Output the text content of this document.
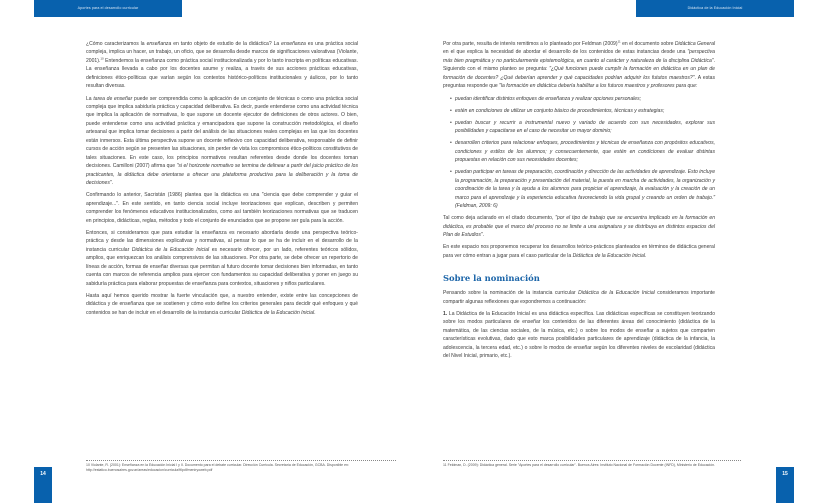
Aportes para el desarrollo curricular

¿Cómo caracterizamos la enseñanza en tanto objeto de estudio de la didáctica? La enseñanza es una práctica social compleja, implica un hacer, un trabajo, un oficio, que se desarrolla desde marcos de significaciones valorativas (Violante, 2001).$^{10}$ Entendemos la enseñanza como práctica social institucionalizada y por lo tanto inscripta en políticas educativas. La enseñanza llevada a cabo por los docentes asume y realiza, a través de sus acciones prácticas educativas, definiciones ético-políticas que varían según los contextos histórico-políticos institucionales y áulicos, por lo tanto resultan diversas.

La tarea de enseñar puede ser comprendida como la aplicación de un conjunto de técnicas o como una práctica social compleja que implica sabiduría práctica y capacidad deliberativa. Es decir, puede entenderse como una actividad técnica que implica la aplicación de normativas, lo que supone un docente ejecutor de definiciones de otros actores. O bien, puede entenderse como una actividad práctica y emancipadora que supone la construcción metodológica, el diseño artesanal que implica tomar decisiones a partir del análisis de las situaciones reales complejas en las que los docentes están inmersos. Esta última perspectiva supone un docente reflexivo con capacidad deliberativa, responsable de definir cursos de acción según se presenten las situaciones, sin perder de vista los compromisos ético-políticos constitutivos de tales situaciones. En este caso, los principios normativos resultan referentes desde donde los docentes toman decisiones. Camilloni (2007) afirma que "si el horizonte normativo se termina de delinear a partir del juicio práctico de los practicantes, la didáctica debe orientarse a ofrecer una plataforma productiva para la deliberación y la toma de decisiones".

Confirmando lo anterior, Sacristán (1986) plantea que la didáctica es una "ciencia que debe comprender y guiar el aprendizaje...". En este sentido, en tanto ciencia social incluye teorizaciones que explican, describen y permiten comprender los fenómenos educativos institucionalizados, como así también teorizaciones normativas que se traducen en principios, didácticas, reglas, métodos y todo el conjunto de enunciados que se propone ser guía para la acción.

Entonces, si consideramos que para estudiar la enseñanza es necesario abordarla desde una perspectiva teórico-práctica y desde las dimensiones explicativas y normativas, al pensar lo que se ha de incluir en el desarrollo de la instancia curricular Didáctica de la Educación Inicial es necesario ofrecer, por un lado, referentes teóricos sólidos, amplios, que enriquezcan los análisis comprensivos de las situaciones. Por otra parte, se debe ofrecer un repertorio de líneas de acción, formas de enseñar diversas que permitan al futuro docente tomar decisiones bien informadas, en tanto cuenta con marcos de referencia amplios para ejercer con fundamentos su capacidad deliberativa y poner en juego su sabiduría práctica para elaborar propuestas de enseñanza para contextos, situaciones y niños particulares.

Hasta aquí hemos querido mostrar la fuerte vinculación que, a nuestro entender, existe entre las concepciones de didáctica y de enseñanza que se sostienen y cómo esto define los criterios generales para decidir qué enfoques y qué contenidos se han de incluir en el desarrollo de la instancia curricular Didáctica de la Educación Inicial.

10 Violante, R. (2001): Enseñanza en la Educación Inicial I y II. Documento para el debate curricular. Dirección Curricula. Secretaría de Educación, GCBA. Disponible en: http://estatico.buenosaires.gov.ar/areas/educacion/curricula/ftlpdf/meniryoweb.pdf
14
Didáctica de la Educación Inicial

Por otra parte, resulta de interés remitimos a lo planteado por Feldman $(2009)^{11}$ en el documento sobre Didáctica General en el que explica la necesidad de abordar el desarrollo de los contenidos de estas instancias desde una "perspectiva más bien pragmática y no particularmente epistemológica, en cuanto al carácter y naturaleza de la disciplina Didáctica". Siguiendo con el mismo planteo se pregunta: "¿Qué funciones puede cumplir la formación en didáctica en un plan de formación de docentes? ¿Qué deberían aprender y qué capacidades podrían adquirir los fututos maestros?". A estas preguntas responde que "la formación en didáctica debería habilitar a los futuros maestros y profesores para que:

• puedan identificar distintos enfoques de enseñanza y realizar opciones personales;
• estén en condiciones de utilizar un conjunto básico de procedimientos, técnicas y estrategias;
• puedan buscar y recurrir a instrumental nuevo y variado de acuerdo con sus necesidades, explorar sus posibilidades y capacitarse en el caso de necesitar un mayor dominio;
• desarrollen criterios para relacionar enfoques, procedimientos y técnicas de enseñanza con propósitos educativos, condiciones y estilos de los alumnos; y consecuentemente, que estén en condiciones de evaluar distintas propuestas en relación con sus necesidades docentes;
• puedan participar en tareas de preparación, coordinación y dirección de las actividades de aprendizaje. Esto incluye la programación, la preparación y presentación del material, la puesta en marcha de actividades, la organización y coordinación de la tarea y la ayuda a los alumnos para propiciar el aprendizaje, la evaluación y la creación de un marco para el aprendizaje y la experiencia educativa favoreciendo la vida grupal y creando un orden de trabajo." (Feldman, 2009: 6)

Tal como deja aclarado en el citado documento, "por el tipo de trabajo que se encuentra implicado en la formación en didáctica, es probable que el marco del proceso no se limite a una asignatura y se distribuya en distintos espacios del Plan de Estudios".

En este espacio nos proponemos recuperar los desarrollos teórico-prácticos planteados en términos de didáctica general para ver cómo entran a jugar para el caso particular de la Didáctica de la Educación Inicial.

Sobre la nominación

Pensando sobre la nominación de la instancia curricular Didáctica de la Educación Inicial consideramos importante compartir algunas reflexiones que expondremos a continuación:

1. La Didáctica de la Educación Inicial es una didáctica específica. Las didácticas específicas se constituyen teorizando sobre los modos particulares de enseñar los contenidos de las diferentes áreas del conocimiento (didáctica de la matemática, de las ciencias sociales, de la música, etc.) o sobre los modos de enseñar a sujetos que comparten características evolutivas, dado que esto marca posibilidades particulares de aprendizaje (didáctica de la infancia, la adolescencia, la tercera edad, etc.) o sobre lo modos de enseñar según los diferentes niveles de escolaridad (didáctica del Nivel Inicial, primario, etc.).

11 Feldman, D. (2009): Didáctica general. Serie "Aportes para el desarrollo curricular". Buenos Aires: Instituto Nacional de Formación Docente (INFD), Ministerio de Educación.
15
